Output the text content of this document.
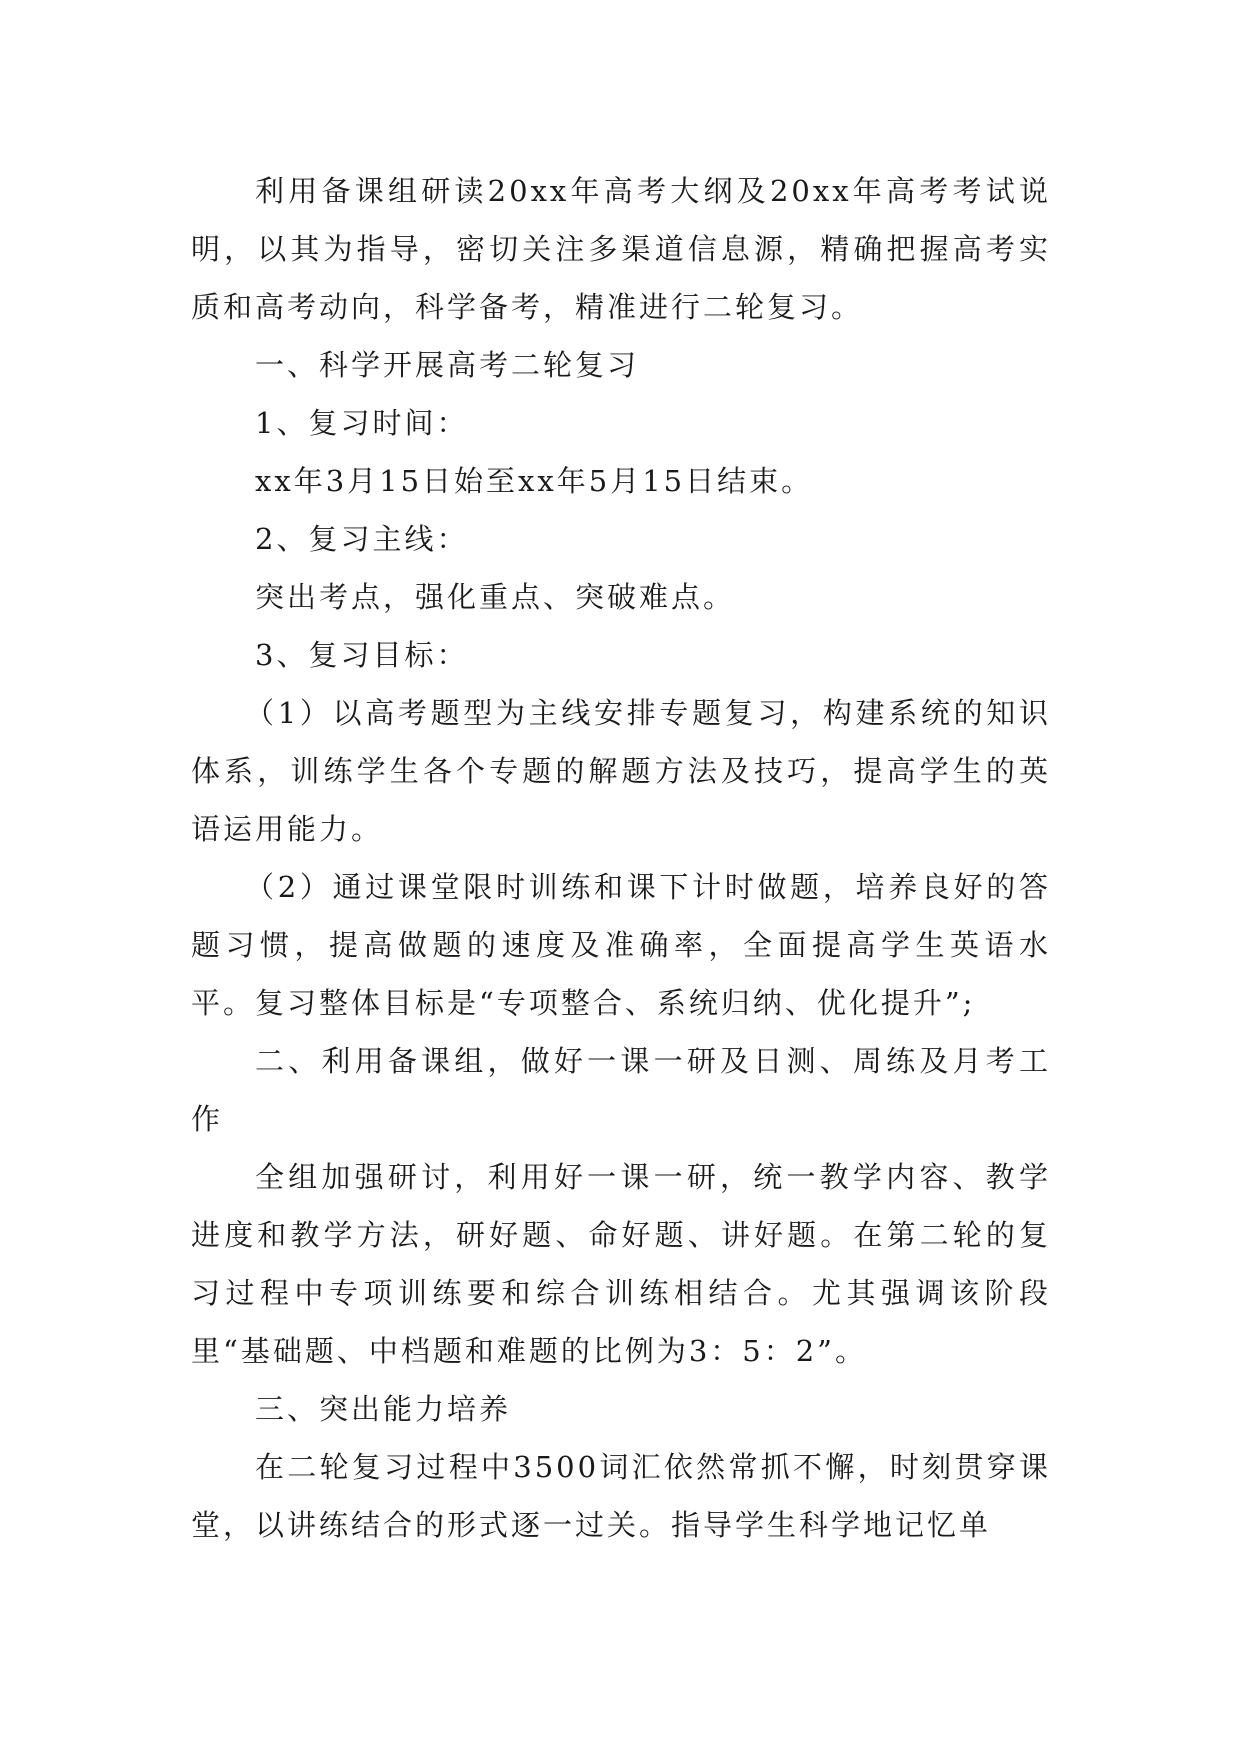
利用备课组研读20xx年高考大纲及20xx年高考考试说明，以其为指导，密切关注多渠道信息源，精确把握高考实质和高考动向，科学备考，精准进行二轮复习。

一、科学开展高考二轮复习

1、复习时间：

xx年3月15日始至xx年5月15日结束。

2、复习主线：

突出考点，强化重点、突破难点。

3、复习目标：

（1）以高考题型为主线安排专题复习，构建系统的知识体系，训练学生各个专题的解题方法及技巧，提高学生的英语运用能力。

（2）通过课堂限时训练和课下计时做题，培养良好的答题习惯，提高做题的速度及准确率，全面提高学生英语水平。复习整体目标是“专项整合、系统归纳、优化提升”;

二、利用备课组，做好一课一研及日测、周练及月考工作

全组加强研讨，利用好一课一研，统一教学内容、教学进度和教学方法，研好题、命好题、讲好题。在第二轮的复习过程中专项训练要和综合训练相结合。尤其强调该阶段里“基础题、中档题和难题的比例为3：5：2”。

三、突出能力培养

在二轮复习过程中3500词汇依然常抓不懈，时刻贯穿课堂，以讲练结合的形式逐一过关。指导学生科学地记忆单
